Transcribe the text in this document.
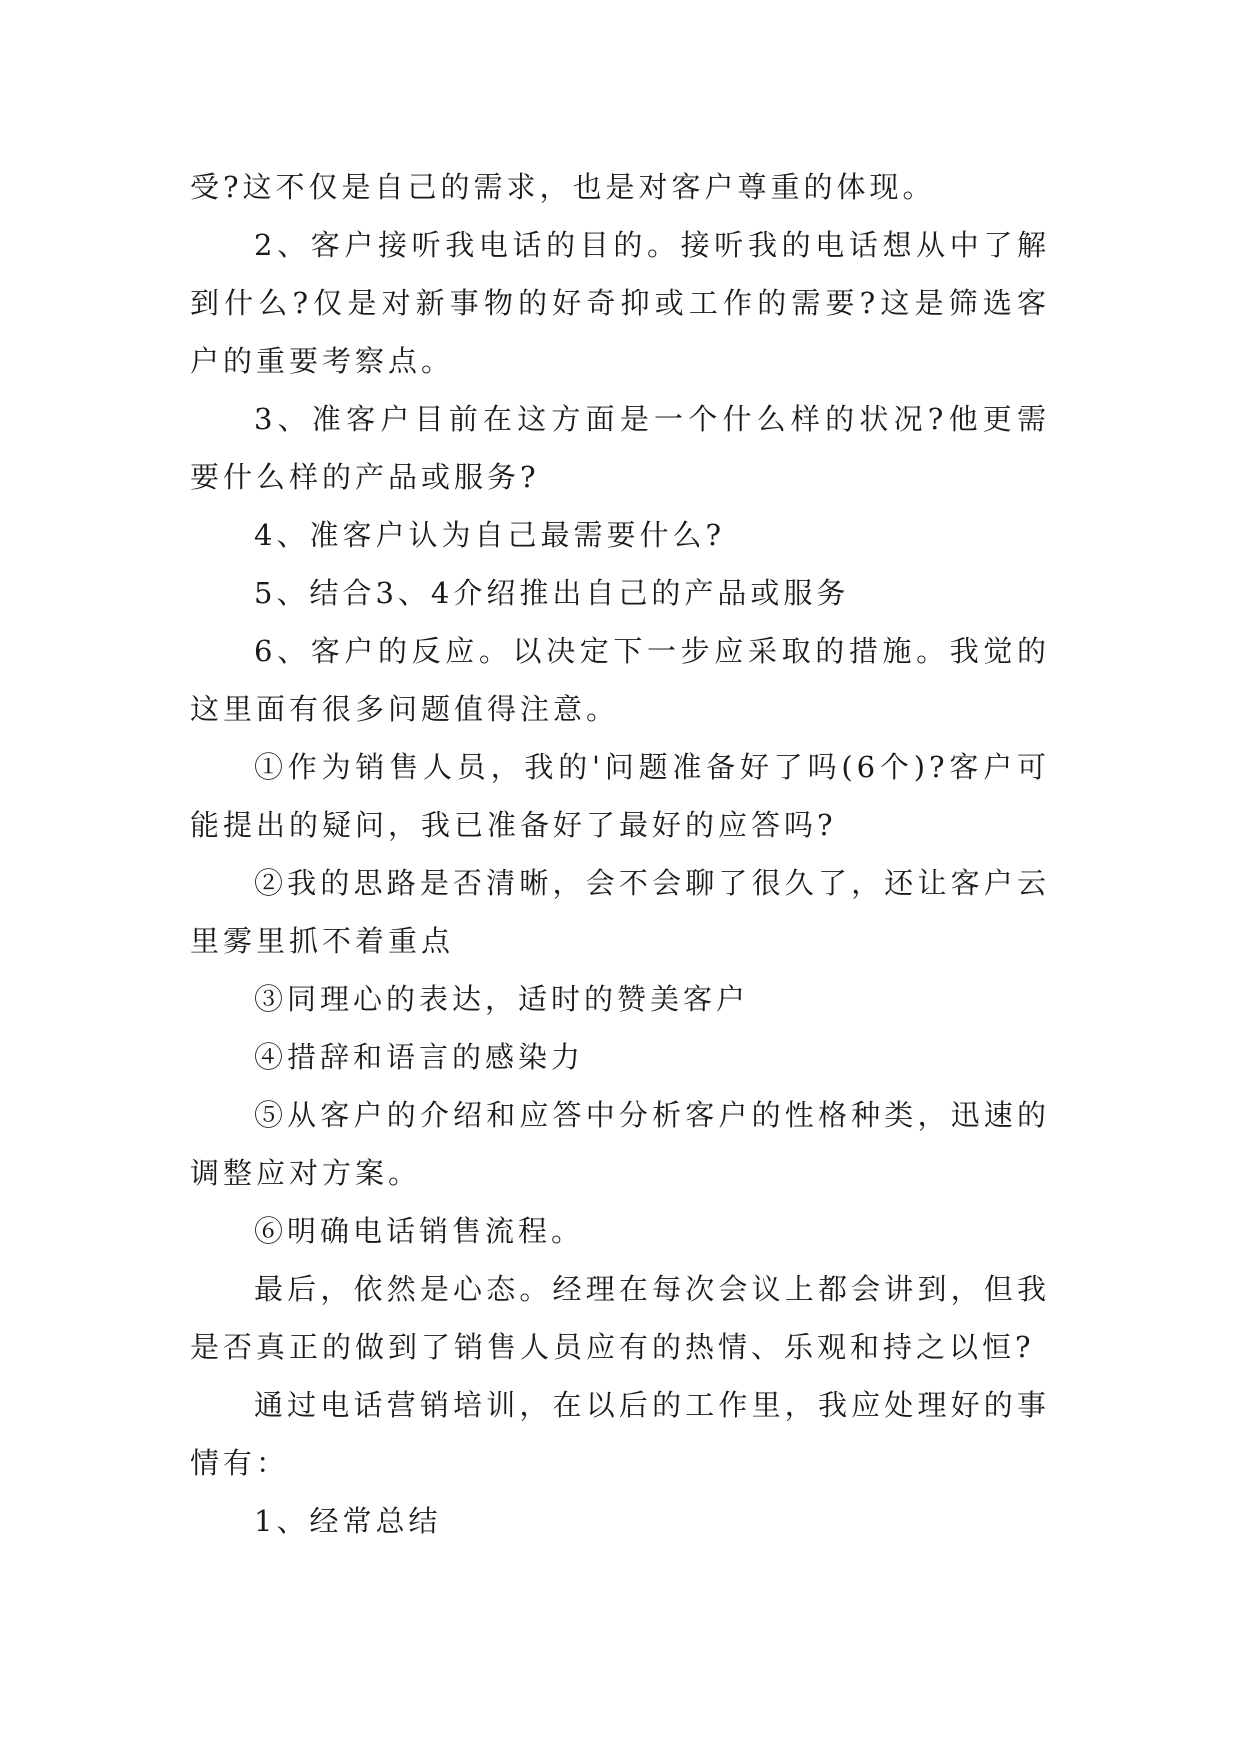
受?这不仅是自己的需求，也是对客户尊重的体现。

2、客户接听我电话的目的。接听我的电话想从中了解到什么?仅是对新事物的好奇抑或工作的需要?这是筛选客户的重要考察点。

3、准客户目前在这方面是一个什么样的状况?他更需要什么样的产品或服务?

4、准客户认为自己最需要什么?

5、结合3、4介绍推出自己的产品或服务

6、客户的反应。以决定下一步应采取的措施。我觉的这里面有很多问题值得注意。

①作为销售人员，我的'问题准备好了吗(6个)?客户可能提出的疑问，我已准备好了最好的应答吗?

②我的思路是否清晰，会不会聊了很久了，还让客户云里雾里抓不着重点

③同理心的表达，适时的赞美客户

④措辞和语言的感染力

⑤从客户的介绍和应答中分析客户的性格种类，迅速的调整应对方案。

⑥明确电话销售流程。

最后，依然是心态。经理在每次会议上都会讲到，但我是否真正的做到了销售人员应有的热情、乐观和持之以恒?

通过电话营销培训，在以后的工作里，我应处理好的事情有：

1、经常总结
